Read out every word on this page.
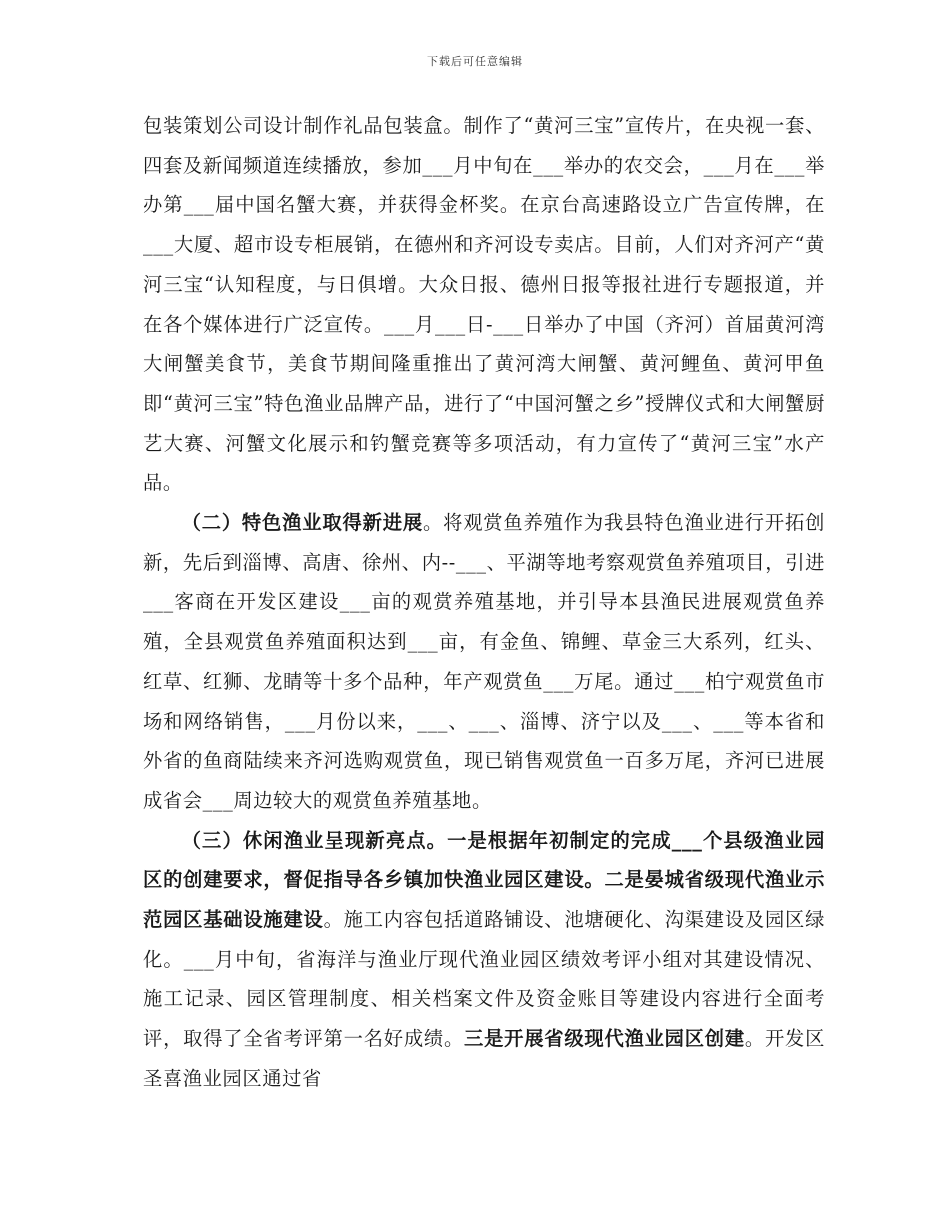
下载后可任意编辑

包装策划公司设计制作礼品包装盒。制作了“黄河三宝”宣传片，在央视一套、四套及新闻频道连续播放，参加___月中旬在___举办的农交会，___月在___举办第___届中国名蟹大赛，并获得金杯奖。在京台高速路设立广告宣传牌，在___大厦、超市设专柜展销，在德州和齐河设专卖店。目前，人们对齐河产“黄河三宝“认知程度，与日俱增。大众日报、德州日报等报社进行专题报道，并在各个媒体进行广泛宣传。___月___日-___日举办了中国（齐河）首届黄河湾大闸蟹美食节，美食节期间隆重推出了黄河湾大闸蟹、黄河鲤鱼、黄河甲鱼即“黄河三宝”特色渔业品牌产品，进行了“中国河蟹之乡”授牌仪式和大闸蟹厨艺大赛、河蟹文化展示和钓蟹竞赛等多项活动，有力宣传了“黄河三宝”水产品。

（二）特色渔业取得新进展。将观赏鱼养殖作为我县特色渔业进行开拓创新，先后到淄博、高唐、徐州、内--___、平湖等地考察观赏鱼养殖项目，引进___客商在开发区建设___亩的观赏养殖基地，并引导本县渔民进展观赏鱼养殖，全县观赏鱼养殖面积达到___亩，有金鱼、锦鲤、草金三大系列，红头、红草、红狮、龙睛等十多个品种，年产观赏鱼___万尾。通过___柏宁观赏鱼市场和网络销售，___月份以来，___、___、淄博、济宁以及___、___等本省和外省的鱼商陆续来齐河选购观赏鱼，现已销售观赏鱼一百多万尾，齐河已进展成省会___周边较大的观赏鱼养殖基地。

（三）休闲渔业呈现新亮点。一是根据年初制定的完成___个县级渔业园区的创建要求，督促指导各乡镇加快渔业园区建设。二是晏城省级现代渔业示范园区基础设施建设。施工内容包括道路铺设、池塘硬化、沟渠建设及园区绿化。___月中旬，省海洋与渔业厅现代渔业园区绩效考评小组对其建设情况、施工记录、园区管理制度、相关档案文件及资金账目等建设内容进行全面考评，取得了全省考评第一名好成绩。三是开展省级现代渔业园区创建。开发区圣喜渔业园区通过省
